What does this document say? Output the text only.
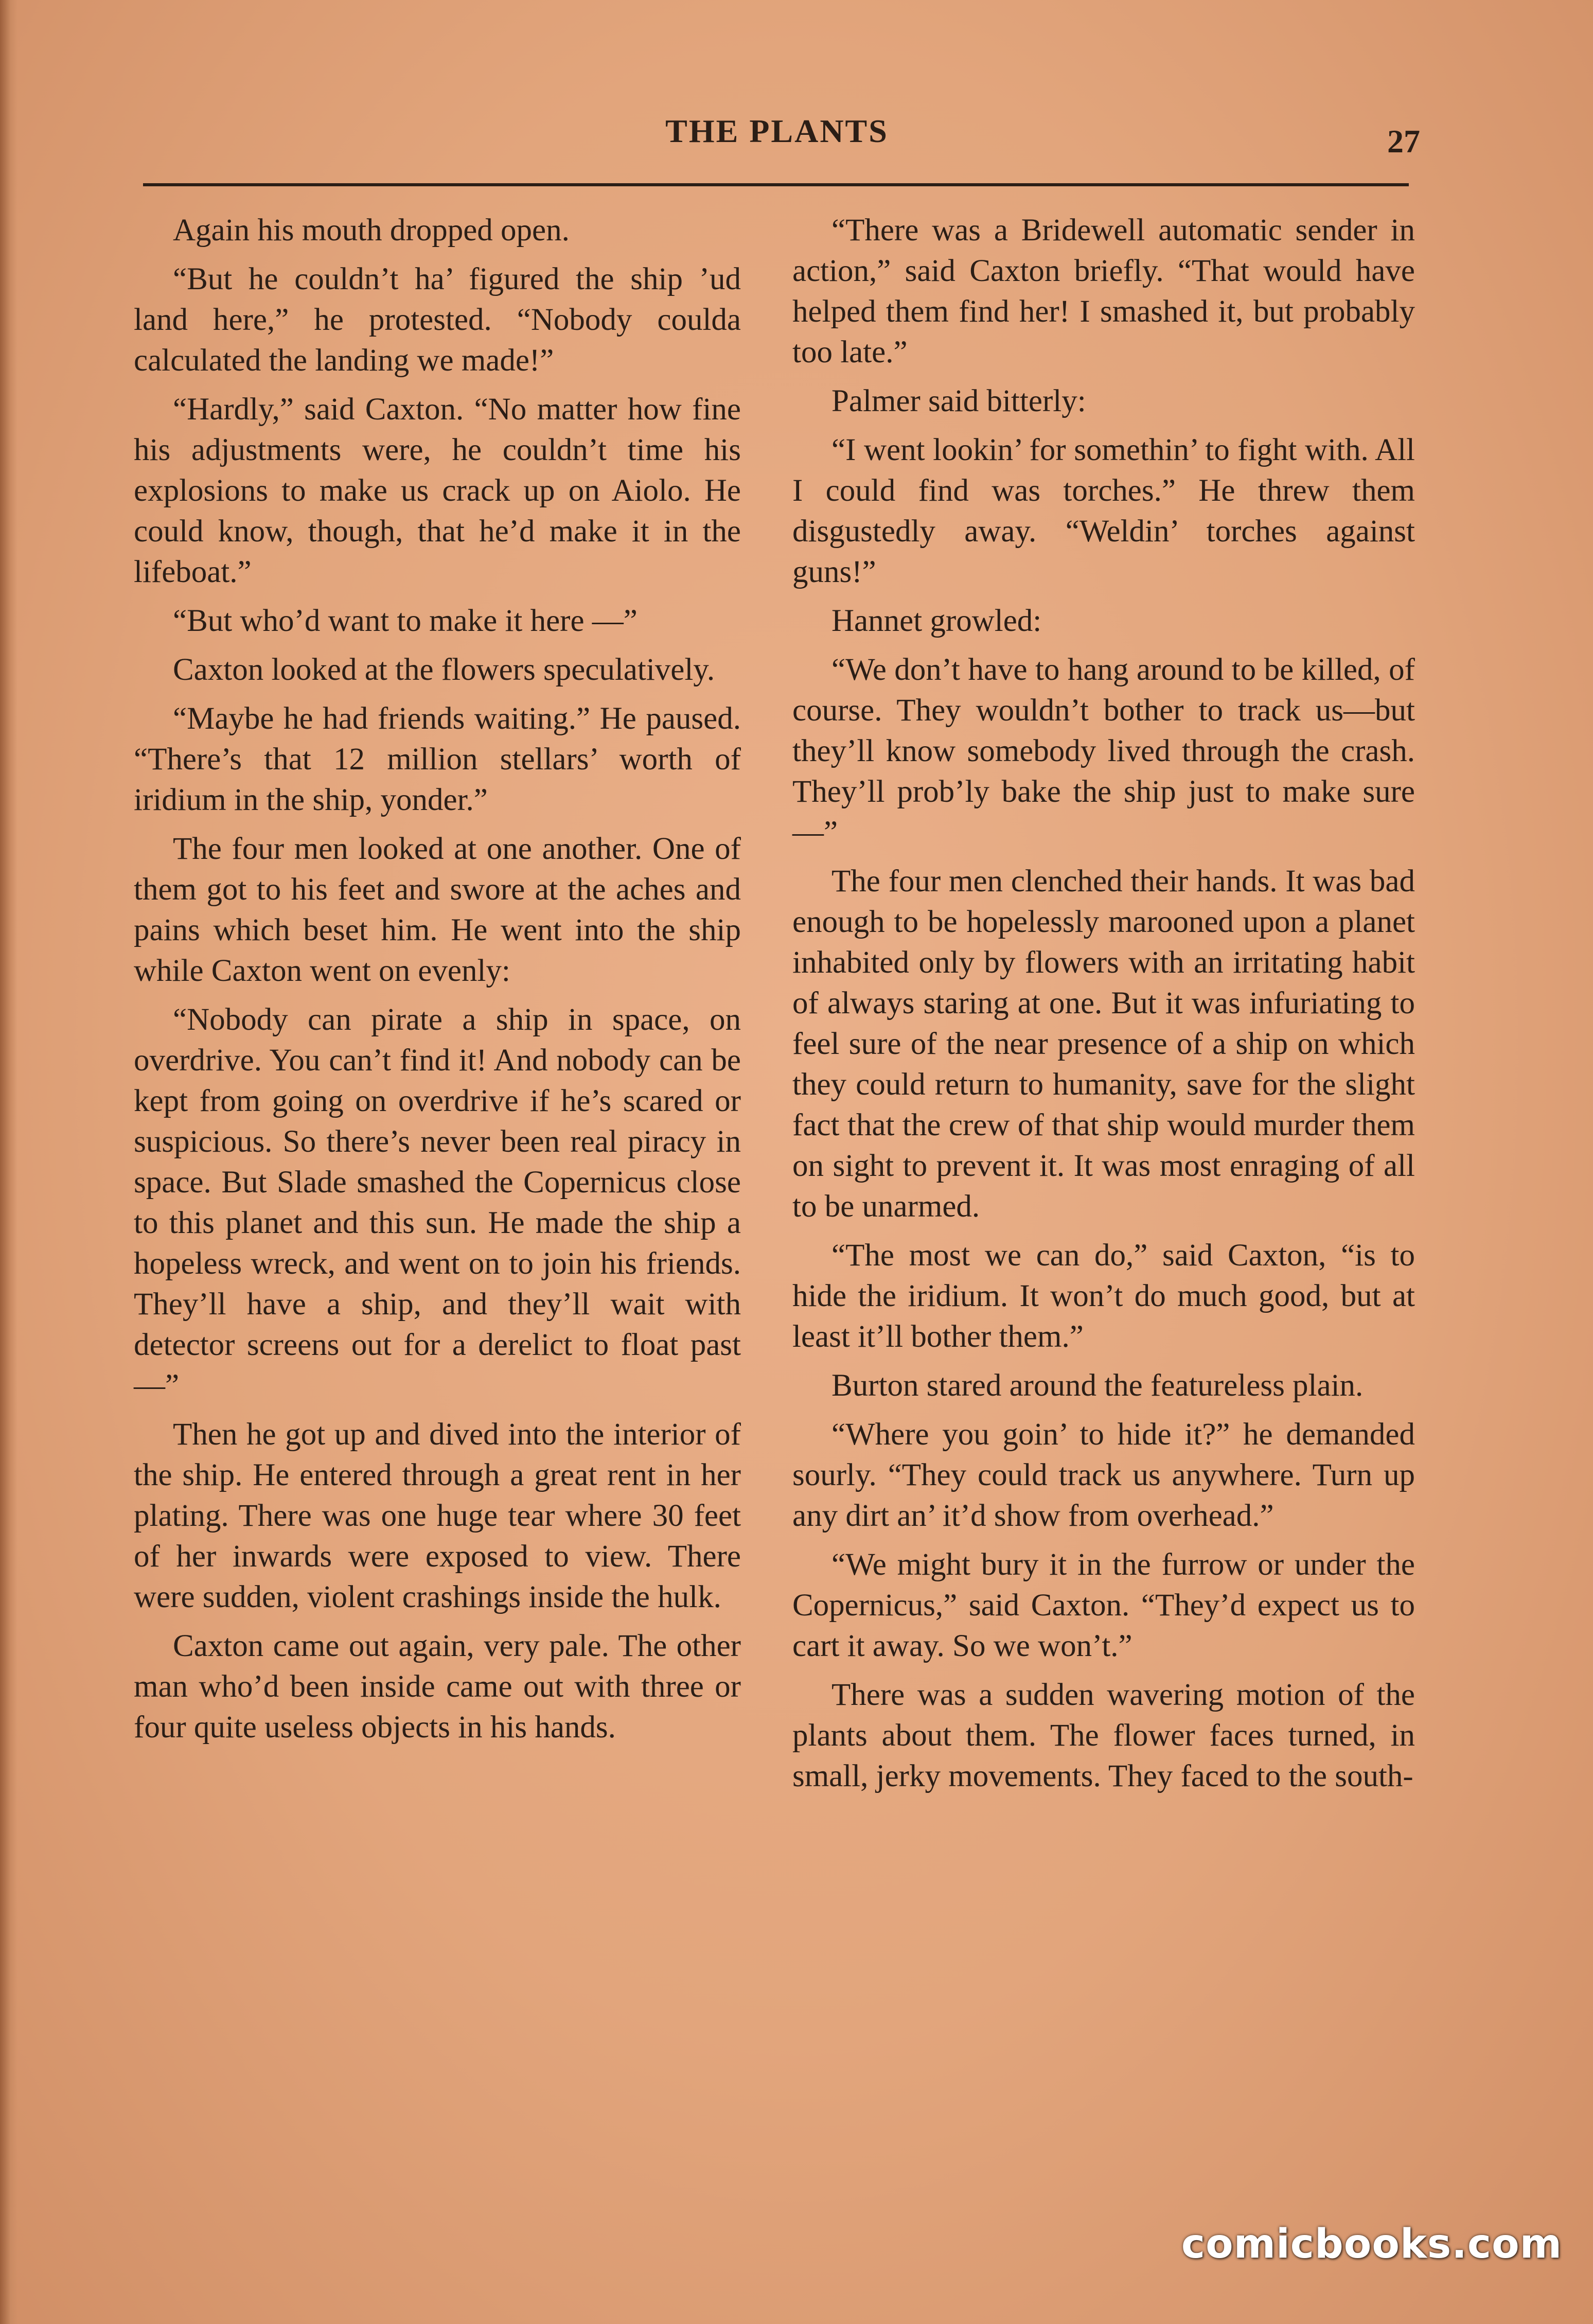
THE PLANTS	27

Again his mouth dropped open.

“But he couldn’t ha’ figured the ship ’ud land here,” he protested. “Nobody coulda calculated the landing we made!”

“Hardly,” said Caxton. “No matter how fine his adjustments were, he couldn’t time his explosions to make us crack up on Aiolo. He could know, though, that he’d make it in the lifeboat.”

“But who’d want to make it here —”

Caxton looked at the flowers speculatively.

“Maybe he had friends waiting.” He paused. “There’s that 12 million stellars’ worth of iridium in the ship, yonder.”

The four men looked at one another. One of them got to his feet and swore at the aches and pains which beset him. He went into the ship while Caxton went on evenly:

“Nobody can pirate a ship in space, on overdrive. You can’t find it! And nobody can be kept from going on overdrive if he’s scared or suspicious. So there’s never been real piracy in space. But Slade smashed the Copernicus close to this planet and this sun. He made the ship a hopeless wreck, and went on to join his friends. They’ll have a ship, and they’ll wait with detector screens out for a derelict to float past—”

Then he got up and dived into the interior of the ship. He entered through a great rent in her plating. There was one huge tear where 30 feet of her inwards were exposed to view. There were sudden, violent crashings inside the hulk.

Caxton came out again, very pale. The other man who’d been inside came out with three or four quite useless objects in his hands.

“There was a Bridewell automatic sender in action,” said Caxton briefly. “That would have helped them find her! I smashed it, but probably too late.”

Palmer said bitterly:

“I went lookin’ for somethin’ to fight with. All I could find was torches.” He threw them disgustedly away. “Weldin’ torches against guns!”

Hannet growled:

“We don’t have to hang around to be killed, of course. They wouldn’t bother to track us—but they’ll know somebody lived through the crash. They’ll prob’ly bake the ship just to make sure—”

The four men clenched their hands. It was bad enough to be hopelessly marooned upon a planet inhabited only by flowers with an irritating habit of always staring at one. But it was infuriating to feel sure of the near presence of a ship on which they could return to humanity, save for the slight fact that the crew of that ship would murder them on sight to prevent it. It was most enraging of all to be unarmed.

“The most we can do,” said Caxton, “is to hide the iridium. It won’t do much good, but at least it’ll bother them.”

Burton stared around the featureless plain.

“Where you goin’ to hide it?” he demanded sourly. “They could track us anywhere. Turn up any dirt an’ it’d show from overhead.”

“We might bury it in the furrow or under the Copernicus,” said Caxton. “They’d expect us to cart it away. So we won’t.”

There was a sudden wavering motion of the plants about them. The flower faces turned, in small, jerky movements. They faced to the south-

comicbooks.com
